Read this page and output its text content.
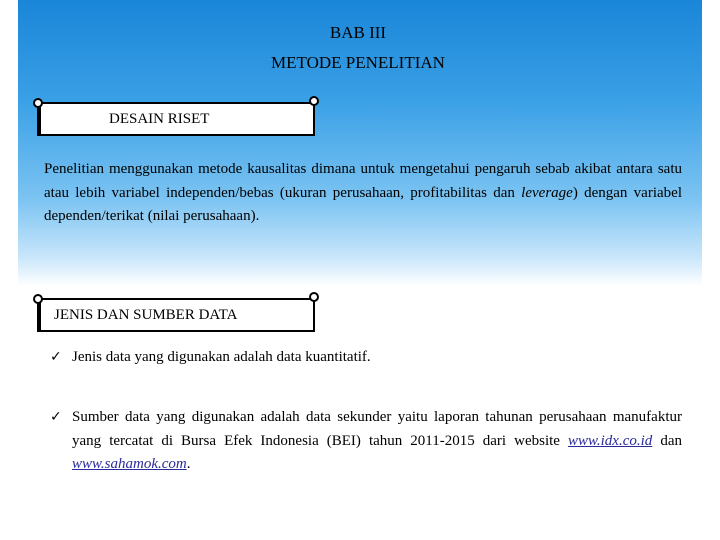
BAB III
METODE PENELITIAN
DESAIN RISET
Penelitian menggunakan metode kausalitas dimana untuk mengetahui pengaruh sebab akibat antara satu atau lebih variabel independen/bebas (ukuran perusahaan, profitabilitas dan leverage) dengan variabel dependen/terikat (nilai perusahaan).
JENIS DAN SUMBER DATA
✓ Jenis data yang digunakan adalah data kuantitatif.
✓ Sumber data yang digunakan adalah data sekunder yaitu laporan tahunan perusahaan manufaktur yang tercatat di Bursa Efek Indonesia (BEI) tahun 2011-2015 dari website www.idx.co.id dan www.sahamok.com.
